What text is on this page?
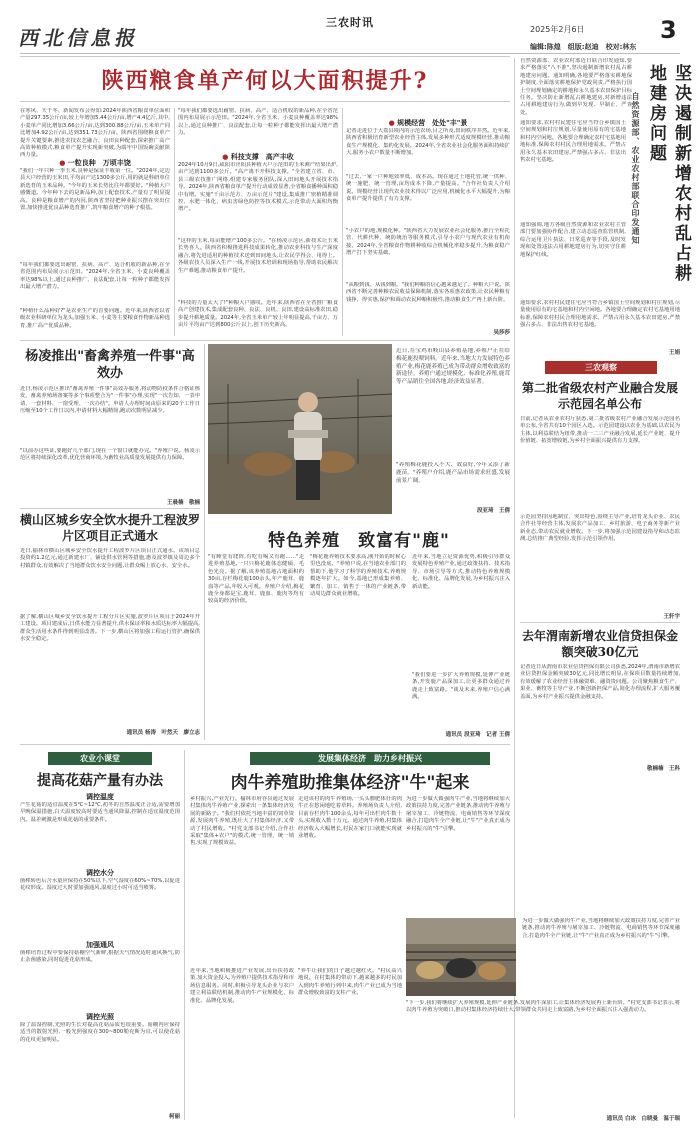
西北信息报
三农时讯
2025年2月6日	3
编辑:陈煌　组版:赵迪　校对:林东
陕西粮食单产何以大面积提升?
在寒风、天干冬、新闻发布会得知:2024年陕西省粮食单位面积产量297.35公斤/亩,较上年增加5.44公斤/亩,增产4.4亿斤,其中,小麦单产同比增加3.66公斤/亩,达到300.88公斤/亩,玉米单产同比增加4.92公斤/亩,达到351.73公斤/亩。陕西省围绕粮食单产提升关键要素,推进农技农艺融合、良田良种配套,探索推广高产高效种植模式,粮食单产提升实现新突破,为端牢中国饭碗贡献陕西力量。
● 一粒良种　万顷丰饶
"我们一年只种一季玉米,良种是保证丰收第一位。"2024年,定边县大户经营的玉米田,平均亩产达1300多公斤,用的就是科研单位新选育的玉米品种。"今年的玉米长势比往年都要好。"种植大户感慨道。今年种下去的是新品种,加上配套技术,产量有了明显提高。良种是粮食增产的内因,陕西省坚持把种业振兴摆在突出位置,加快推进优良品种选育推广,筑牢粮食增产的种子根基。
"每年我们都要选出耐密、抗病、高产、适合机收的新品种,在全省范围内布局展示示范田。"2024年,全省玉米、小麦良种覆盖率达98%以上,通过良种推广、良法配套,让每一粒种子都能发挥出最大增产潜力。
"种植什么品种好?"是农业生产的首要问题。近年来,陕西省以省级农业科研单位为龙头,加强玉米、小麦等主要粮食作物新品种选育,推广高产优质品种。
"每年我们都要选出耐密、抗病、高产、适合机收的新品种,在全省范围内布局展示示范田。"2024年,全省玉米、小麦良种覆盖率达98%以上,通过良种推广、良法配套,让每一粒种子都能发挥出最大增产潜力。
● 科技支撑　高产丰收
2024年10月9日,咸阳市泾阳县种植大户示范田的玉米测产结果出炉,亩产达到1100多公斤。"高产离不开科技支撑。"全省建立省、市、县三级农技推广网络,组建专家服务团队,深入田间地头开展技术指导。2024年,陕西省粮食单产提升行动成效显著,全省粮食播种面积稳中有增。实施"千亩示范方、万亩示范片"建设,集成推广密植精准调控、水肥一体化、病虫害绿色防控等技术模式,示范带动大面积均衡增产。
"这样的玉米,每亩能增产100多公斤。"在杨凌示范区,新技术让玉米长势喜人。陕西省积极推进科技成果转化,推动农业科技与生产深度融合,将先进适用的种植技术送到田间地头,让农民学得会、用得上。各级农技人员深入生产一线,开展技术培训和现场指导,帮助农民解决生产难题,推动粮食单产提升。
"科技的力量太大了!"种粮大户感叹。近年来,陕西省在全省推广粮食高产创建技术,集成配套良种、良法、良机、良田,建设高标准农田,稳步提升耕地质量。2024年,全省玉米单产较上年明显提高,千亩方、万亩片平均亩产达到800公斤以上,创下历史新高。
● 规模经营　处处"丰"景
记者走进位于大荔县境内的示范农场,目之所及,田间秩序井然。近年来,陕西省积极培育新型农业经营主体,发展多种形式适度规模经营,推动粮食生产规模化、集约化发展。2024年,全省农业社会化服务面积持续扩大,服务小农户数量不断增加。
"过去,一家一户种地效率低、成本高。现在通过土地托管,统一供种、统一施肥、统一管理,亩均成本下降,产量提高。"合作社负责人介绍说。规模经营让现代农业技术得以广泛应用,机械化水平大幅提升,为粮食单产提升提供了有力支撑。
"小农户的地,规模化种。"陕西省大力发展农业社会化服务,推行全程托管、代耕代种、统防统治等服务模式,引导小农户与现代农业有机衔接。2024年,全省粮食作物耕种收综合机械化率稳步提升,为粮食稳产增产打下坚实基础。
"从粮到钱、从钱到粮。"我们种粮的信心越来越足了。种粮大户说。陕西省不断完善种粮农民收益保障机制,落实各项惠农政策,让农民种粮有钱挣、得实惠,保护和调动农民种粮积极性,推动粮食生产再上新台阶。
吴莎莎
自然资源部、农业农村部近日联合印发通知,要求严格落实"八不准",坚决遏制新增农村乱占耕地建房问题。通知明确,各地要严格落实耕地保护制度,全面落实耕地保护党政同责,严格执行国土空间规划确定的耕地和永久基本农田保护目标任务。坚决防止新增乱占耕地建房,对新增违法占用耕地建房行为,做到早发现、早制止、严查处。	坚决遏制新增农村乱占耕地建房问题
自然资源部、农业农村部联合印发通知
通知要求,农村村民建住宅应当符合乡镇国土空间规划和村庄规划,尽量使用原有的宅基地和村内空闲地。各地要合理确定农村宅基地用地标准,保障农村村民合理用地需求。严禁占用永久基本农田建房,严禁强占多占、非法出售农村宅基地。
通知强调,地方各级自然资源和农业农村主管部门要加强协作配合,建立动态巡查监管机制,综合运用卫片执法、日常巡查等手段,及时发现和处置违法占用耕地建房行为,切实守住耕地保护红线。
通知要求,农村村民建住宅应当符合乡镇国土空间规划和村庄规划,尽量使用原有的宅基地和村内空闲地。各地要合理确定农村宅基地用地标准,保障农村村民合理用地需求。严禁占用永久基本农田建房,严禁强占多占、非法出售农村宅基地。
王娟
三农观察
第二批省级农村产业融合发展示范园名单公布
日前,记者从农业农村厅获悉,第二批省级农村产业融合发展示范园名单公布,全省共有10个园区入选。示范园建设以农业为基础,以农民为主体,以利益联结为纽带,推动一二三产业融合发展,延长产业链、提升价值链、拓宽增收链,为乡村全面振兴提供有力支撑。
示范园坚持因地制宜、突出特色,围绕主导产业,培育龙头企业、农民合作社等经营主体,发展农产品加工、乡村旅游、电子商务等新产业新业态,带动农民就业增收。下一步,将加强示范园建设指导和动态监测,总结推广典型经验,发挥示范引领作用。
王轩宇
去年渭南新增农业信贷担保金额突破30亿元
记者近日从渭南市农业信贷担保有限公司获悉,2024年,渭南市新增农业信贷担保金额突破30亿元,同比增长明显,在保项目数量持续增加,有效缓解了农业经营主体融资难、融资贵问题。公司聚焦粮食生产、果业、畜牧等主导产业,不断创新担保产品,简化办理流程,扩大服务覆盖面,为乡村产业振兴提供金融支持。
敬楠楠　王科
杨凌推出"畜禽养殖一件事"高效办
近日,杨凌示范区推出"畜禽养殖一件事"高效办服务,将动物防疫条件合格证核发、畜禽养殖场备案等多个事项整合为"一件事"办理,实现"一次告知、一表申请、一套材料、一窗受理、一次办结"。申请人办理时间由原来的20个工作日压缩至10个工作日以内,申请材料大幅精简,跑动次数明显减少。
"以前办这些证,要跑好几个部门,现在一个窗口就能办完。"养殖户说。杨凌示范区将持续深化改革,优化营商环境,为畜牧业高质量发展提供有力保障。
王晨楠　敬楠
横山区城乡安全饮水提升工程波罗片区项目正式通水
近日,榆林市横山区城乡安全饮水提升工程波罗片区项目正式通水。该项目总投资约1.2亿元,通过新建水厂、铺设供水管网等措施,惠及波罗镇及周边多个村镇群众,有效解决了当地群众饮水安全问题,让群众喝上放心水、安全水。
据了解,横山区城乡安全饮水提升工程分片区实施,波罗片区项目于2024年开工建设。项目建成后,日供水能力显著提升,供水保证率和水质达标率大幅提高,群众生活用水条件得到明显改善。下一步,横山区将加强工程运行管护,确保供水安全稳定。
通讯员 杨涛　叶然天　廖立志
近日,在宝鸡市岐山县养殖基地,养殖户正在给梅花鹿投喂饲料。近年来,当地大力发展特色养殖产业,梅花鹿养殖已成为带动群众增收致富的新途径。养殖户通过规模化、标准化养殖,鹿茸等产品销往全国各地,经济效益显著。
"养殖梅花鹿投入不大、效益好,今年又添了新鹿苗。"养殖户介绍,鹿产品市场需求旺盛,发展前景广阔。
段亚琦　王倩
特色养殖　致富有"鹿"
"有睡觉有爬阵,有吃有喝又有跑……"走进养殖基地,一只只梅花鹿体态健硕、毛色光亮。据了解,该养殖基地占地面积约30亩,存栏梅花鹿100余头,年产鹿茸、鹿血等产品,年收入可观。养殖户介绍,梅花鹿全身都是宝,鹿茸、鹿血、鹿肉等均有较高的经济价值。
"梅花鹿养殖技术要求高,刚开始的时候心里也没底。"养殖户说,在当地农业部门的帮助下,他学习了科学的养殖技术,养殖规模逐年扩大。如今,基地已形成集养殖、繁育、加工、销售于一体的产业链条,带动周边群众就业增收。
近年来,当地立足资源优势,积极引导群众发展特色养殖产业,通过政策扶持、技术指导、市场引导等方式,推动特色养殖规模化、标准化、品牌化发展,为乡村振兴注入新动能。
"我们要进一步扩大养殖规模,延伸产业链条,开发鹿产品深加工,让更多群众通过养鹿走上致富路。"谈及未来,养殖户信心满满。
通讯员 段亚琦　记者 王倩
农业小课堂
提高花菇产量有办法
调控温度
产生花菇的适宜温度在5℃~12℃,初冬的自然温度正合适,需要增加早晚保温措施,白天温度较高时要适当通风降温,控制在适宜温度范围内。温差刺激是形成花菇的重要条件。
调控水分
菌棒转色后含水量应保持在50%以下,空气湿度在60%~70%,以促进花纹形成。湿度过大时要加强通风,湿度过小时可适当喷雾。
加强通风
菌棒培育过程中要保持菇棚空气新鲜,根据天气情况适时通风换气,防止杂菌感染,同时促进花菇形成。
调控光照
除了温湿控制,光照的生长对提高花菇品质也很重要。菇棚内应保持适当的散射光照,一般光照强度在300~800勒克斯为宜,可以使花菇的花纹更加明显。
柯丽
发展集体经济　助力乡村振兴
肉牛养殖助推集体经济"牛"起来
乡村振兴,产业先行。榆林市府谷县通过发展村集体肉牛养殖产业,探索出一条集体经济发展的新路子。"我们村依托当地丰富的饲草资源,发展肉牛养殖,既壮大了村集体经济,又带动了村民增收。"村党支部书记介绍,合作社采取"集体+农户"的模式,统一管理、统一销售,实现了规模效益。
近年来,当地积极推进产业发展,出台扶持政策,加大资金投入,为养殖户提供技术指导和市场信息服务。同时,积极引导龙头企业与农户建立利益联结机制,推动肉牛产业规模化、标准化、品牌化发展。
走进该村的肉牛养殖场,一头头膘肥体壮的肉牛正在悠闲地吃着草料。养殖场负责人介绍,目前存栏肉牛100余头,每年可出栏肉牛数十头,实现收入数十万元。通过肉牛养殖,村集体经济收入大幅增长,村民在家门口就能实现就业增收。
"养牛让我们的日子越过越红火。"村民高兴地说。在村集体的带动下,越来越多的村民加入到肉牛养殖行列中来,肉牛产业已成为当地群众增收致富的支柱产业。
为进一步做大做强肉牛产业,当地将继续加大政策扶持力度,完善产业链条,推动肉牛养殖与屠宰加工、冷链物流、电商销售等环节深度融合,打造肉牛全产业链,让"牛"产业真正成为乡村振兴的"牛"引擎。
为进一步做大做强肉牛产业,当地将继续加大政策扶持力度,完善产业链条,推动肉牛养殖与屠宰加工、冷链物流、电商销售等环节深度融合,打造肉牛全产业链,让"牛"产业真正成为乡村振兴的"牛"引擎。
"下一步,我们将继续扩大养殖规模,延伸产业链条,发展肉牛深加工,让集体经济发展再上新台阶。"村党支部书记表示,将以肉牛养殖为突破口,推动村集体经济持续壮大,带领群众共同走上致富路,为乡村全面振兴注入强劲动力。
通讯员 白冰　白晓曼　温于瑞
